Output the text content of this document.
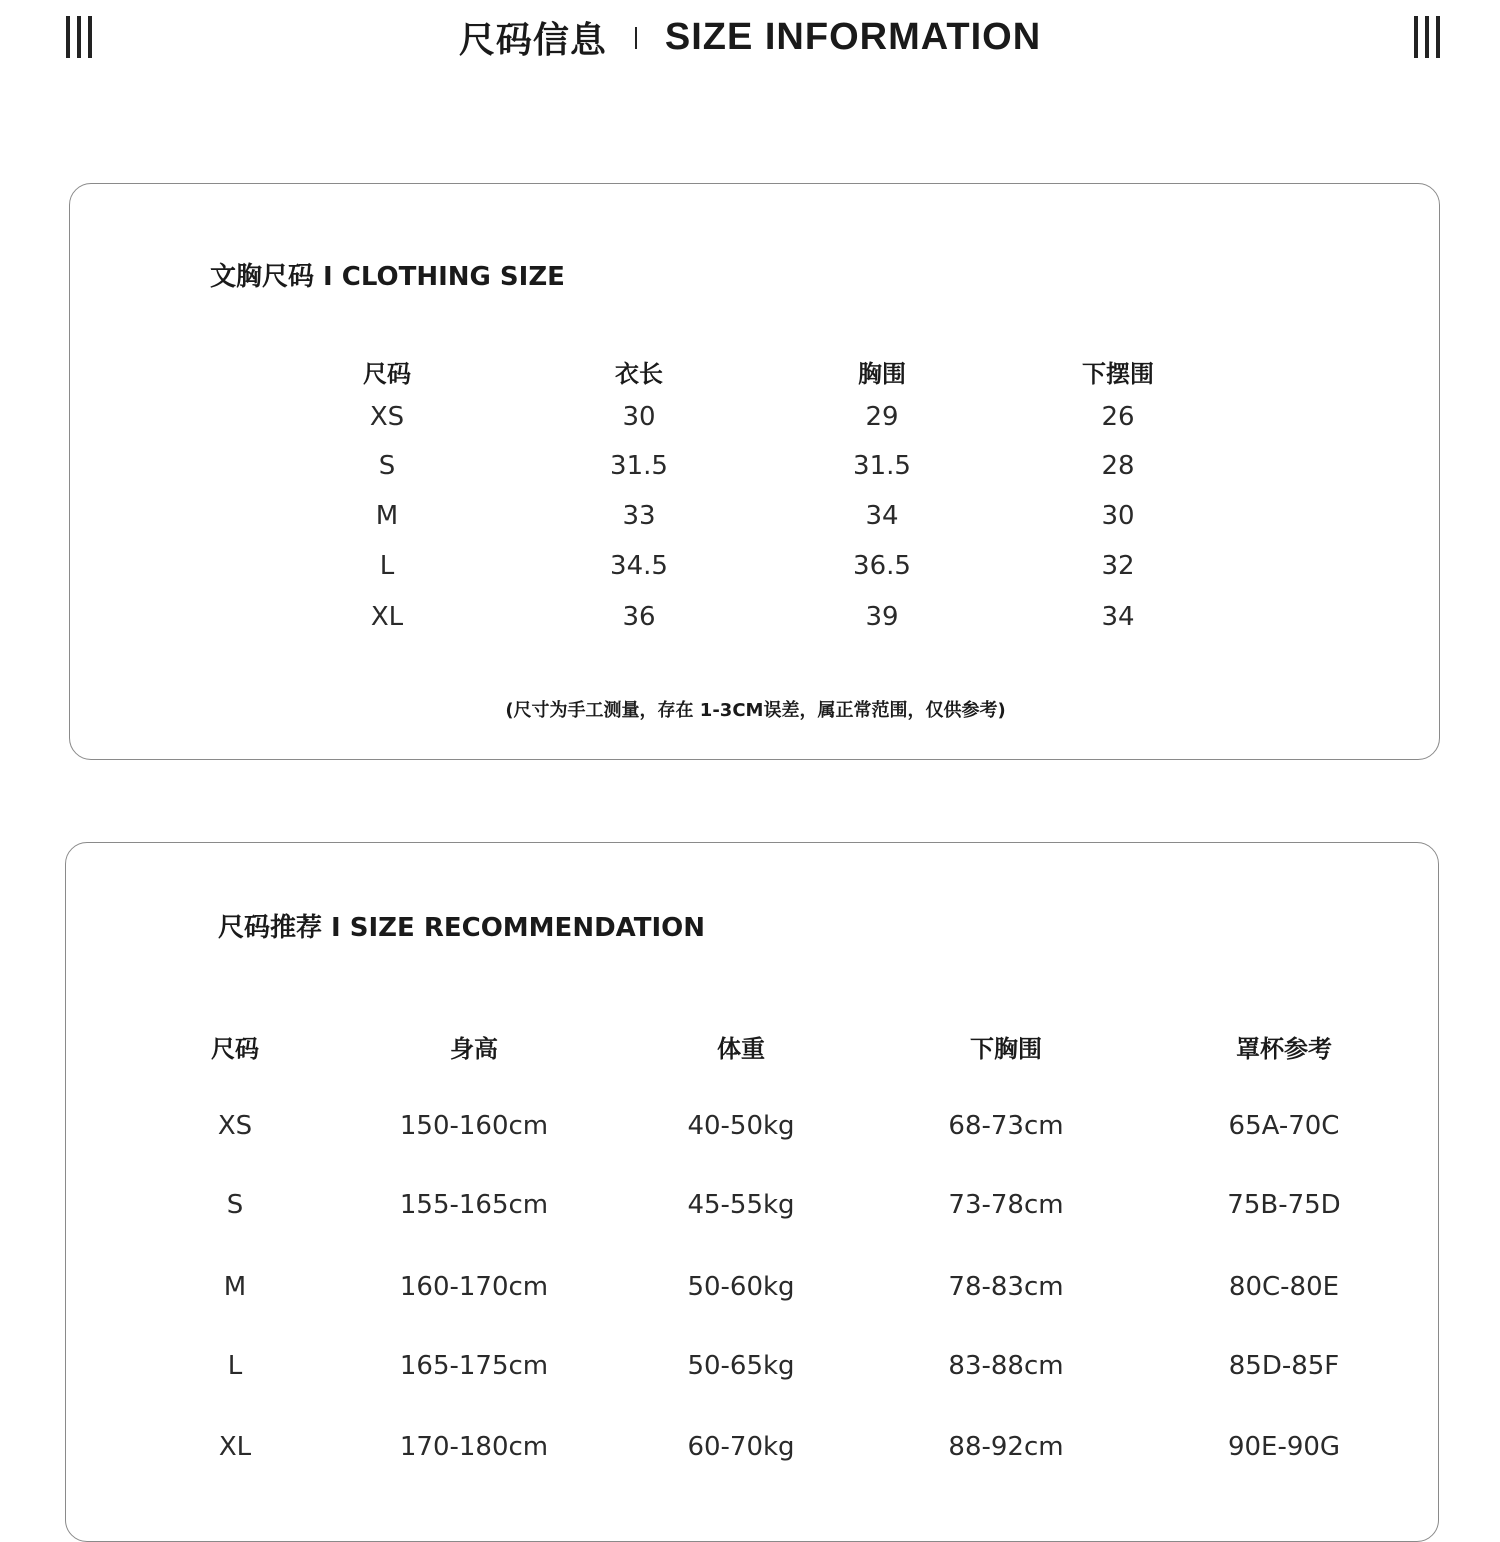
尺码信息 SIZE INFORMATION
文胸尺码 I CLOTHING SIZE
尺码	衣长	胸围	下摆围
XS	30	29	26
S	31.5	31.5	28
M	33	34	30
L	34.5	36.5	32
XL	36	39	34
(尺寸为手工测量，存在 1-3CM误差，属正常范围，仅供参考)
尺码推荐 I SIZE RECOMMENDATION
尺码	身高	体重	下胸围	罩杯参考
XS	150-160cm	40-50kg	68-73cm	65A-70C
S	155-165cm	45-55kg	73-78cm	75B-75D
M	160-170cm	50-60kg	78-83cm	80C-80E
L	165-175cm	50-65kg	83-88cm	85D-85F
XL	170-180cm	60-70kg	88-92cm	90E-90G
